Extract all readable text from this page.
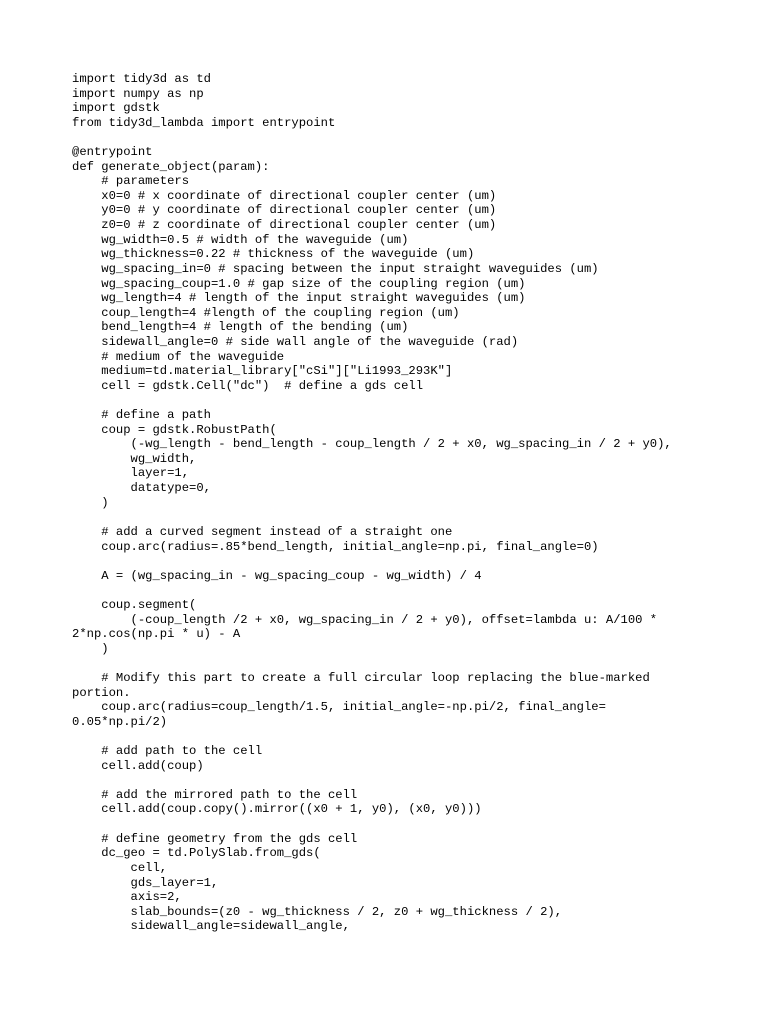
import tidy3d as td
import numpy as np
import gdstk
from tidy3d_lambda import entrypoint
@entrypoint
def generate_object(param):
# parameters
x0=0 # x coordinate of directional coupler center (um)
y0=0 # y coordinate of directional coupler center (um)
z0=0 # z coordinate of directional coupler center (um)
wg_width=0.5 # width of the waveguide (um)
wg_thickness=0.22 # thickness of the waveguide (um)
wg_spacing_in=0 # spacing between the input straight waveguides (um)
wg_spacing_coup=1.0 # gap size of the coupling region (um)
wg_length=4 # length of the input straight waveguides (um)
coup_length=4 #length of the coupling region (um)
bend_length=4 # length of the bending (um)
sidewall_angle=0 # side wall angle of the waveguide (rad)
# medium of the waveguide
medium=td.material_library["cSi"]["Li1993_293K"]
cell = gdstk.Cell("dc")  # define a gds cell
# define a path
coup = gdstk.RobustPath(
(-wg_length - bend_length - coup_length / 2 + x0, wg_spacing_in / 2 + y0),
wg_width,
layer=1,
datatype=0,
)
# add a curved segment instead of a straight one
coup.arc(radius=.85*bend_length, initial_angle=np.pi, final_angle=0)
A = (wg_spacing_in - wg_spacing_coup - wg_width) / 4
coup.segment(
(-coup_length /2 + x0, wg_spacing_in / 2 + y0), offset=lambda u: A/100 *
2*np.cos(np.pi * u) - A
)
# Modify this part to create a full circular loop replacing the blue-marked
portion.
coup.arc(radius=coup_length/1.5, initial_angle=-np.pi/2, final_angle=
0.05*np.pi/2)
# add path to the cell
cell.add(coup)
# add the mirrored path to the cell
cell.add(coup.copy().mirror((x0 + 1, y0), (x0, y0)))
# define geometry from the gds cell
dc_geo = td.PolySlab.from_gds(
cell,
gds_layer=1,
axis=2,
slab_bounds=(z0 - wg_thickness / 2, z0 + wg_thickness / 2),
sidewall_angle=sidewall_angle,
